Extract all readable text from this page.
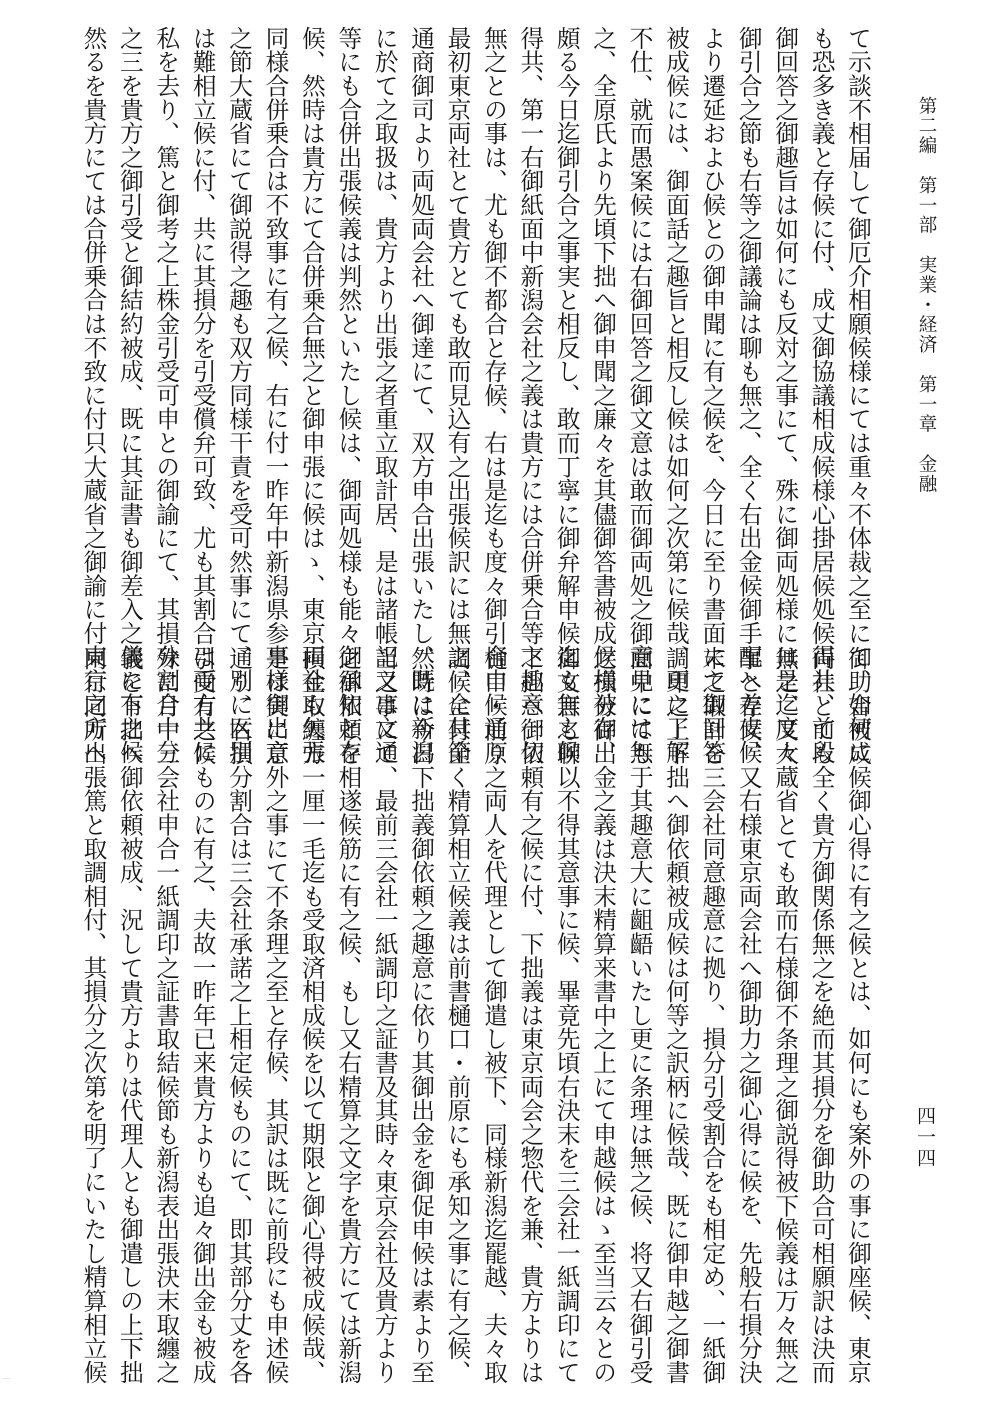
第二編　第一部　実業・経済　第一章　金融
四一四
て示談不相届して御厄介相願候様にては重々不体裁之至にて、如何に
も恐多き義と存候に付、成丈御協議相成候様心掛居候処候得共、前段
御回答之御趣旨は如何にも反対之事にて、殊に御両処様には是迄度々
御引合之節も右等之御議論は聊も無之、全く右出金候御手配へ差支候
より遷延およひ候との御申聞に有之候を、今日に至り書面にて御回答
被成候には、御面話之趣旨と相反し候は如何之次第に候哉、更に了解
不仕、就而愚案候には右御回答之御文意は敢而御両処之御意見には無
之、全原氏より先頃下拙へ御申聞之廉々を其儘御答書被成候様被存、
頗る今日迄御引合之事実と相反し、敢而丁寧に御弁解申候迄も無之候
得共、第一右御紙面中新潟会社之義は貴方には合併乗合等之趣意一切
無之との事は、尤も御不都合と存候、右は是迄も度々御引合申候通り
最初東京両社とて貴方とても敢而見込有之出張候訳には無之、全其節
通商御司より両処両会社へ御達にて、双方申合出張いたし、既に新潟
に於て之取扱は、貴方より出張之者重立取計居、是は諸帳記又は文通
等にも合併出張候義は判然といたし候は、御両処様も能々御承知と存
候、然時は貴方にて合併乗合無之と御申張に候はゝ、東京両社も矢張
同様合併乗合は不致事に有之候、右に付一昨年中新潟県参事様御出京
之節大蔵省にて御説得之趣も双方同様干責を受可然事にて、別に区別
は難相立候に付、共に其損分を引受償弁可致、尤も其割合は両方共に
私を去り、篤と御考之上株金引受可申との御諭にて、其損分割合十分
之三を貴方之御引受と御結約被成、既に其証書も御差入之儀に有之候
然るを貴方にては合併乗合は不致に付只大蔵省之御諭に付東京之方へ
御助合被成候御心得に有之候とは、如何にも案外の事に御座候、東京
両社とても全く貴方御関係無之を絶而其損分を御助合可相願訳は決而
無之、又大蔵省とても敢而右様御不条理之御説得被下候義は万々無之
事と存候、又右様東京両会社へ御助力之御心得に候を、先般右損分決
末之取計を三会社同意趣意に拠り、損分引受割合をも相定め、一紙御
調印之上下拙へ御依頼被成候は何等之訳柄に候哉、既に御申越之御書
面中にても于其趣意大に齟齬いたし更に条理は無之候、将又右御引受
之損分御出金之義は決末精算来書中之上にて申越候はゝ至当云々との
御文言も聊以不得其意事に候、畢竟先頃右決末を三会社一紙調印にて
下拙へ御依頼有之候に付、下拙義は東京両会之惣代を兼、貴方よりは
樋口・前原之両人を代理として御遣し被下、同様新潟迄罷越、夫々取
調候に付全く精算相立候義は前書樋口・前原にも承知之事に有之候、
然時は今日下拙義御依頼之趣意に依り其御出金を御促申候は素より至
当之事にて、最前三会社一紙調印之証書及其時々東京会社及貴方より
之御依頼を相遂候筋に有之候、もし又右精算之文字を貴方にては新潟
損金取纏方一厘一毛迄も受取済相成候を以て期限と御心得被成候哉、
是は実に意外之事にて不条理之至と存候、其訳は既に前段にも申述候
通り、右損分割合は三会社承諾之上相定候ものにて、即其部分丈を各
引受有之候ものに有之、夫故一昨年已来貴方よりも追々御出金も被成
殊に月中三会社申合一紙調印之証書取結候節も新潟表出張決末取纏之
義を下拙へ御依頼被成、況して貴方よりは代理人とも御遣しの上下拙
同行同所出張篤と取調相付、其損分之次第を明了にいたし精算相立候
